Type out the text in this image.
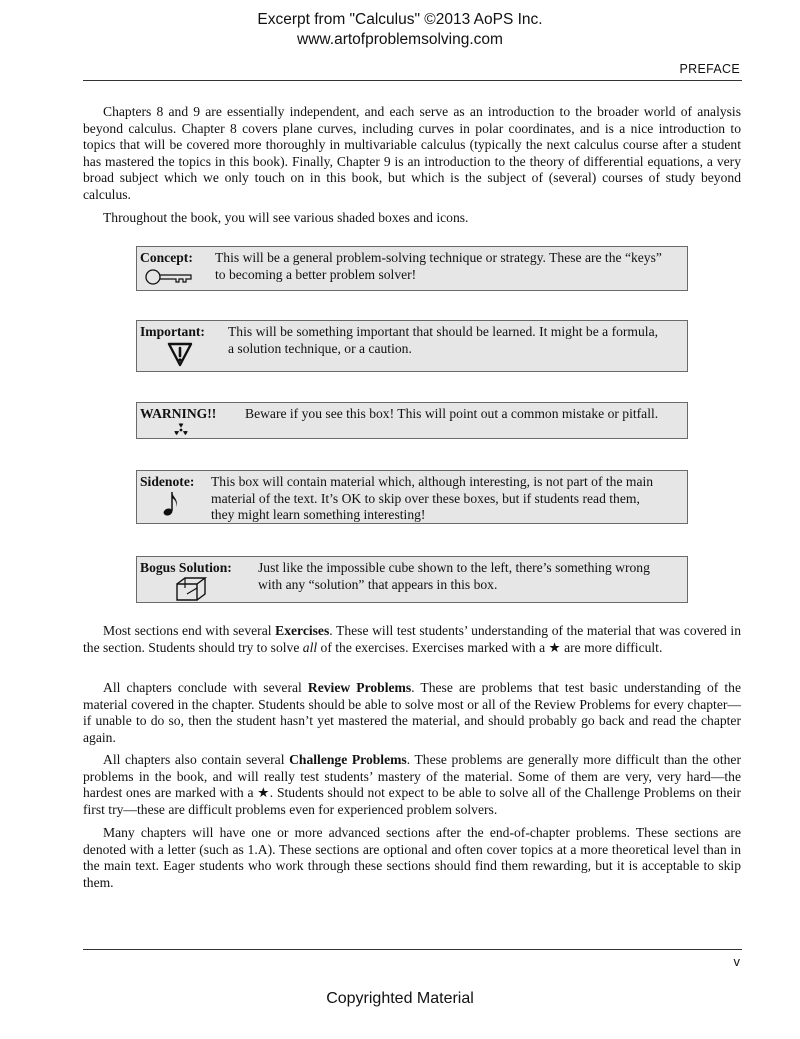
Excerpt from "Calculus" ©2013 AoPS Inc.
www.artofproblemsolving.com
PREFACE

Chapters 8 and 9 are essentially independent, and each serve as an introduction to the broader world of analysis beyond calculus. Chapter 8 covers plane curves, including curves in polar coordinates, and is a nice introduction to topics that will be covered more thoroughly in multivariable calculus (typically the next calculus course after a student has mastered the topics in this book). Finally, Chapter 9 is an introduction to the theory of differential equations, a very broad subject which we only touch on in this book, but which is the subject of (several) courses of study beyond calculus.

Throughout the book, you will see various shaded boxes and icons.

Concept: This will be a general problem-solving technique or strategy. These are the “keys”
to becoming a better problem solver!
Important: This will be something important that should be learned. It might be a formula,
a solution technique, or a caution.
WARNING!! Beware if you see this box! This will point out a common mistake or pitfall.
Sidenote: This box will contain material which, although interesting, is not part of the main
material of the text. It’s OK to skip over these boxes, but if students read them,
they might learn something interesting!
Bogus Solution: Just like the impossible cube shown to the left, there’s something wrong
with any “solution” that appears in this box.

Most sections end with several Exercises. These will test students’ understanding of the material that was covered in the section. Students should try to solve all of the exercises. Exercises marked with a ★ are more difficult.

All chapters conclude with several Review Problems. These are problems that test basic understanding of the material covered in the chapter. Students should be able to solve most or all of the Review Problems for every chapter—if unable to do so, then the student hasn’t yet mastered the material, and should probably go back and read the chapter again.

All chapters also contain several Challenge Problems. These problems are generally more difficult than the other problems in the book, and will really test students’ mastery of the material. Some of them are very, very hard—the hardest ones are marked with a ★. Students should not expect to be able to solve all of the Challenge Problems on their first try—these are difficult problems even for experienced problem solvers.

Many chapters will have one or more advanced sections after the end-of-chapter problems. These sections are denoted with a letter (such as 1.A). These sections are optional and often cover topics at a more theoretical level than in the main text. Eager students who work through these sections should find them rewarding, but it is acceptable to skip them.

v
Copyrighted Material
